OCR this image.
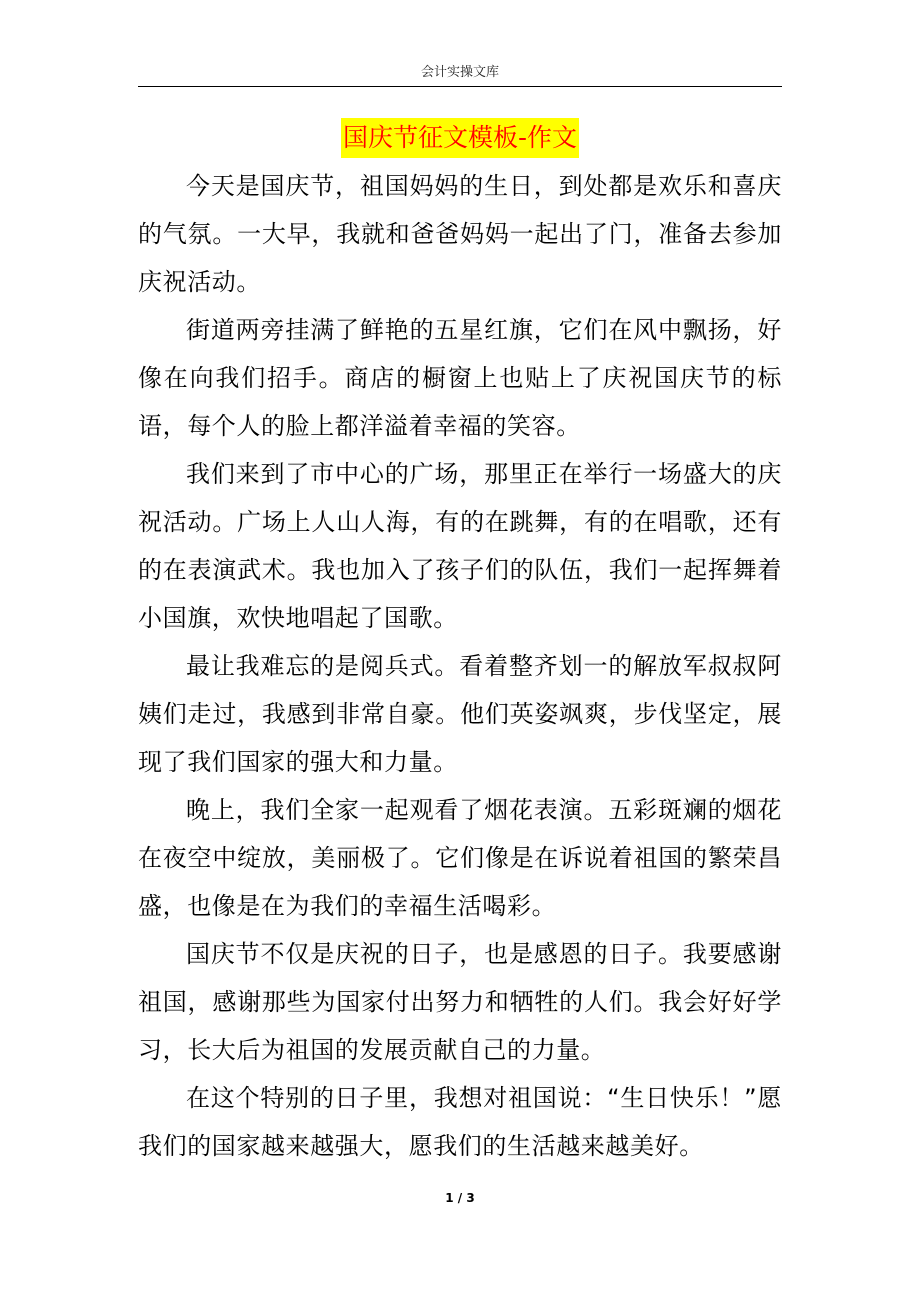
会计实操文库
国庆节征文模板-作文

今天是国庆节，祖国妈妈的生日，到处都是欢乐和喜庆的气氛。一大早，我就和爸爸妈妈一起出了门，准备去参加庆祝活动。

街道两旁挂满了鲜艳的五星红旗，它们在风中飘扬，好像在向我们招手。商店的橱窗上也贴上了庆祝国庆节的标语，每个人的脸上都洋溢着幸福的笑容。

我们来到了市中心的广场，那里正在举行一场盛大的庆祝活动。广场上人山人海，有的在跳舞，有的在唱歌，还有的在表演武术。我也加入了孩子们的队伍，我们一起挥舞着小国旗，欢快地唱起了国歌。

最让我难忘的是阅兵式。看着整齐划一的解放军叔叔阿姨们走过，我感到非常自豪。他们英姿飒爽，步伐坚定，展现了我们国家的强大和力量。

晚上，我们全家一起观看了烟花表演。五彩斑斓的烟花在夜空中绽放，美丽极了。它们像是在诉说着祖国的繁荣昌盛，也像是在为我们的幸福生活喝彩。

国庆节不仅是庆祝的日子，也是感恩的日子。我要感谢祖国，感谢那些为国家付出努力和牺牲的人们。我会好好学习，长大后为祖国的发展贡献自己的力量。

在这个特别的日子里，我想对祖国说：“生日快乐！”愿我们的国家越来越强大，愿我们的生活越来越美好。

1 / 3
